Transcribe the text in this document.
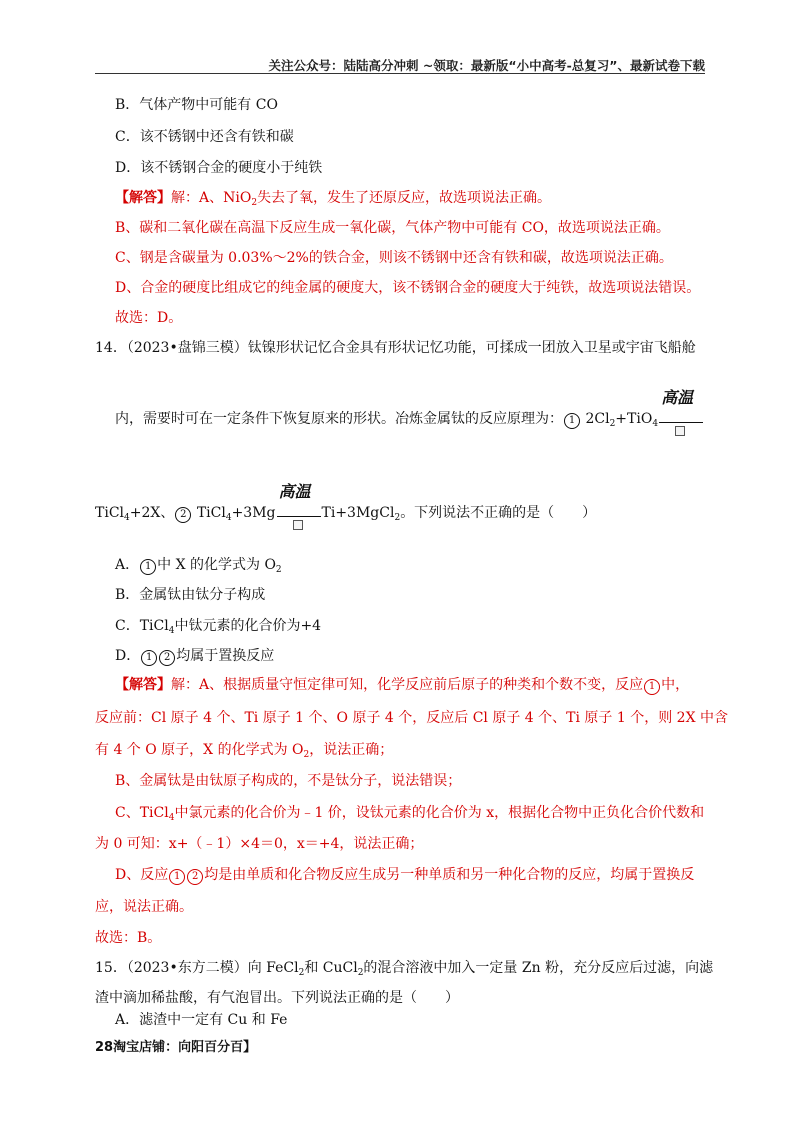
关注公众号：陆陆高分冲刺 ~领取：最新版“小中高考-总复习”、最新试卷下载
B．气体产物中可能有 CO
C．该不锈钢中还含有铁和碳
D．该不锈钢合金的硬度小于纯铁
【解答】解：A、NiO$_2$失去了氧，发生了还原反应，故选项说法正确。
B、碳和二氧化碳在高温下反应生成一氧化碳，气体产物中可能有 CO，故选项说法正确。
C、钢是含碳量为 0.03%～2%的铁合金，则该不锈钢中还含有铁和碳，故选项说法正确。
D、合金的硬度比组成它的纯金属的硬度大，该不锈钢合金的硬度大于纯铁，故选项说法错误。
故选：D。
14．（2023•盘锦三模）钛镍形状记忆合金具有形状记忆功能，可揉成一团放入卫星或宇宙飞船舱
内，需要时可在一定条件下恢复原来的形状。冶炼金属钛的反应原理为： 1 $2Cl_2+TiO_4$
高温
TiCl$_4$+2X、 2 TiCl$_4$+3Mg
高温
Ti+3MgCl$_2$。下列说法不正确的是（　　）
A． 1 中 X 的化学式为 $O_2$
B．金属钛由钛分子构成
C．TiCl$_4$中钛元素的化合价为+4
D． 1 2 均属于置换反应
【解答】解：A、根据质量守恒定律可知，化学反应前后原子的种类和个数不变，反应 1 中，
反应前：Cl 原子 4 个、Ti 原子 1 个、O 原子 4 个，反应后 Cl 原子 4 个、Ti 原子 1 个，则 2X 中含
有 4 个 O 原子，X 的化学式为 $O_2$，说法正确；
B、金属钛是由钛原子构成的，不是钛分子，说法错误；
C、TiCl$_4$中氯元素的化合价为﹣1 价，设钛元素的化合价为 x，根据化合物中正负化合价代数和
为 0 可知：x+（﹣1）×4＝0，x＝+4，说法正确；
D、反应 1 2 均是由单质和化合物反应生成另一种单质和另一种化合物的反应，均属于置换反
应，说法正确。
故选：B。
15．（2023•东方二模）向 FeCl$_2$和 CuCl$_2$的混合溶液中加入一定量 Zn 粉，充分反应后过滤，向滤
渣中滴加稀盐酸，有气泡冒出。下列说法正确的是（　　）
A．滤渣中一定有 Cu 和 Fe
28淘宝店铺：向阳百分百】
